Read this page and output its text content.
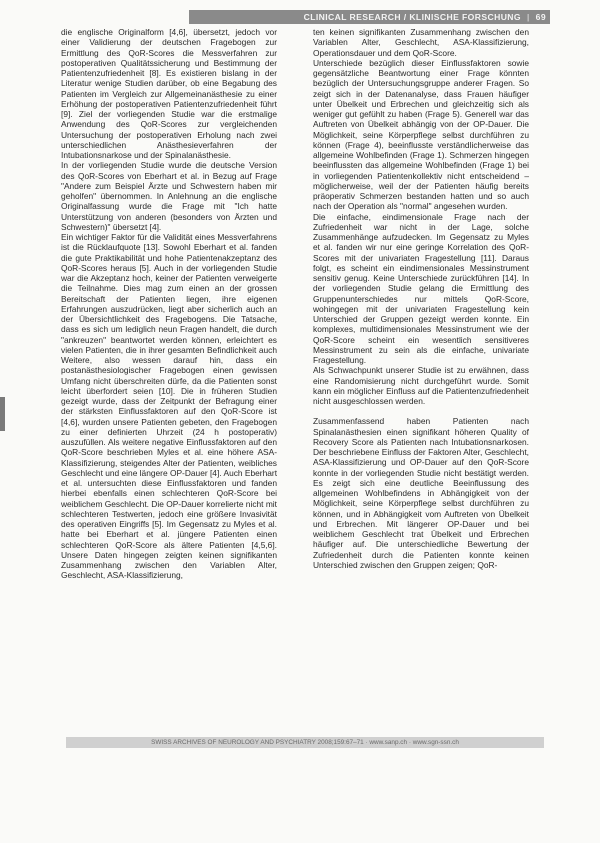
CLINICAL RESEARCH / KLINISCHE FORSCHUNG | 69

die englische Originalform [4,6], übersetzt, jedoch vor einer Validierung der deutschen Fragebogen zur Ermittlung des QoR-Scores die Messverfahren zur postoperativen Qualitätssicherung und Bestimmung der Patientenzufriedenheit [8]. Es existieren bislang in der Literatur wenige Studien darüber, ob eine Begabung des Patienten im Vergleich zur Allgemeinanästhesie zu einer Erhöhung der postoperativen Patientenzufriedenheit führt [9]. Ziel der vorliegenden Studie war die erstmalige Anwendung des QoR-Scores zur vergleichenden Untersuchung der postoperativen Erholung nach zwei unterschiedlichen Anästhesieverfahren der Intubationsnarkose und der Spinalanästhesie.

In der vorliegenden Studie wurde die deutsche Version des QoR-Scores von Eberhart et al. in Bezug auf Frage "Andere zum Beispiel Ärzte und Schwestern haben mir geholfen" übernommen. In Anlehnung an die englische Originalfassung wurde die Frage mit "Ich hatte Unterstützung von anderen (besonders von Ärzten und Schwestern)" übersetzt [4].

Ein wichtiger Faktor für die Validität eines Messverfahrens ist die Rücklaufquote [13]. Sowohl Eberhart et al. fanden die gute Praktikabilität und hohe Patientenakzeptanz des QoR-Scores heraus [5]. Auch in der vorliegenden Studie war die Akzeptanz hoch, keiner der Patienten verweigerte die Teilnahme. Dies mag zum einen an der grossen Bereitschaft der Patienten liegen, ihre eigenen Erfahrungen auszudrücken, liegt aber sicherlich auch an der Übersichtlichkeit des Fragebogens. Die Tatsache, dass es sich um lediglich neun Fragen handelt, die durch "ankreuzen" beantwortet werden können, erleichtert es vielen Patienten, die in ihrer gesamten Befindlichkeit auch Weitere, also wessen darauf hin, dass ein postanästhesiologischer Fragebogen einen gewissen Umfang nicht überschreiten dürfe, da die Patienten sonst leicht überfordert seien [10]. Die in früheren Studien gezeigt wurde, dass der Zeitpunkt der Befragung einer der stärksten Einflussfaktoren auf den QoR-Score ist [4,6], wurden unsere Patienten gebeten, den Fragebogen zu einer definierten Uhrzeit (24 h postoperativ) auszufüllen. Als weitere negative Einflussfaktoren auf den QoR-Score beschrieben Myles et al. eine höhere ASA-Klassifizierung, steigendes Alter der Patienten, weibliches Geschlecht und eine längere OP-Dauer [4]. Auch Eberhart et al. untersuchten diese Einflussfaktoren und fanden hierbei ebenfalls einen schlechteren QoR-Score bei weiblichem Geschlecht. Die OP-Dauer korrelierte nicht mit schlechteren Testwerten, jedoch eine größere Invasivität des operativen Eingriffs [5]. Im Gegensatz zu Myles et al. hatte bei Eberhart et al. jüngere Patienten einen schlechteren QoR-Score als ältere Patienten [4,5,6]. Unsere Daten hingegen zeigten keinen signifikanten Zusammenhang zwischen den Variablen Alter, Geschlecht, ASA-Klassifizierung,

ten keinen signifikanten Zusammenhang zwischen den Variablen Alter, Geschlecht, ASA-Klassifizierung, Operationsdauer und dem QoR-Score.

Unterschiede bezüglich dieser Einflussfaktoren sowie gegensätzliche Beantwortung einer Frage könnten bezüglich der Untersuchungsgruppe anderer Fragen. So zeigt sich in der Datenanalyse, dass Frauen häufiger unter Übelkeit und Erbrechen und gleichzeitig sich als weniger gut gefühlt zu haben (Frage 5). Generell war das Auftreten von Übelkeit abhängig von der OP-Dauer. Die Möglichkeit, seine Körperpflege selbst durchführen zu können (Frage 4), beeinflusste verständlicherweise das allgemeine Wohlbefinden (Frage 1). Schmerzen hingegen beeinflussten das allgemeine Wohlbefinden (Frage 1) bei in vorliegenden Patientenkollektiv nicht entscheidend – möglicherweise, weil der der Patienten häufig bereits präoperativ Schmerzen bestanden hatten und so auch nach der Operation als "normal" angesehen wurden.

Die einfache, eindimensionale Frage nach der Zufriedenheit war nicht in der Lage, solche Zusammenhänge aufzudecken. Im Gegensatz zu Myles et al. fanden wir nur eine geringe Korrelation des QoR-Scores mit der univariaten Fragestellung [11]. Daraus folgt, es scheint ein eindimensionales Messinstrument sensitiv genug. Keine Unterschiede zurückführen [14]. In der vorliegenden Studie gelang die Ermittlung des Gruppenunterschiedes nur mittels QoR-Score, wohingegen mit der univariaten Fragestellung kein Unterschied der Gruppen gezeigt werden konnte. Ein komplexes, multidimensionales Messinstrument wie der QoR-Score scheint ein wesentlich sensitiveres Messinstrument zu sein als die einfache, univariate Fragestellung.

Als Schwachpunkt unserer Studie ist zu erwähnen, dass eine Randomisierung nicht durchgeführt wurde. Somit kann ein möglicher Einfluss auf die Patientenzufriedenheit nicht ausgeschlossen werden.

Zusammenfassend haben Patienten nach Spinalanästhesien einen signifikant höheren Quality of Recovery Score als Patienten nach Intubationsnarkosen. Der beschriebene Einfluss der Faktoren Alter, Geschlecht, ASA-Klassifizierung und OP-Dauer auf den QoR-Score konnte in der vorliegenden Studie nicht bestätigt werden. Es zeigt sich eine deutliche Beeinflussung des allgemeinen Wohlbefindens in Abhängigkeit von der Möglichkeit, seine Körperpflege selbst durchführen zu können, und in Abhängigkeit vom Auftreten von Übelkeit und Erbrechen. Mit längerer OP-Dauer und bei weiblichem Geschlecht trat Übelkeit und Erbrechen häufiger auf. Die unterschiedliche Bewertung der Zufriedenheit durch die Patienten konnte keinen Unterschied zwischen den Gruppen zeigen; QoR-

SWISS ARCHIVES OF NEUROLOGY AND PSYCHIATRY 2008;159:67–71 · www.sanp.ch · www.sgn-ssn.ch
